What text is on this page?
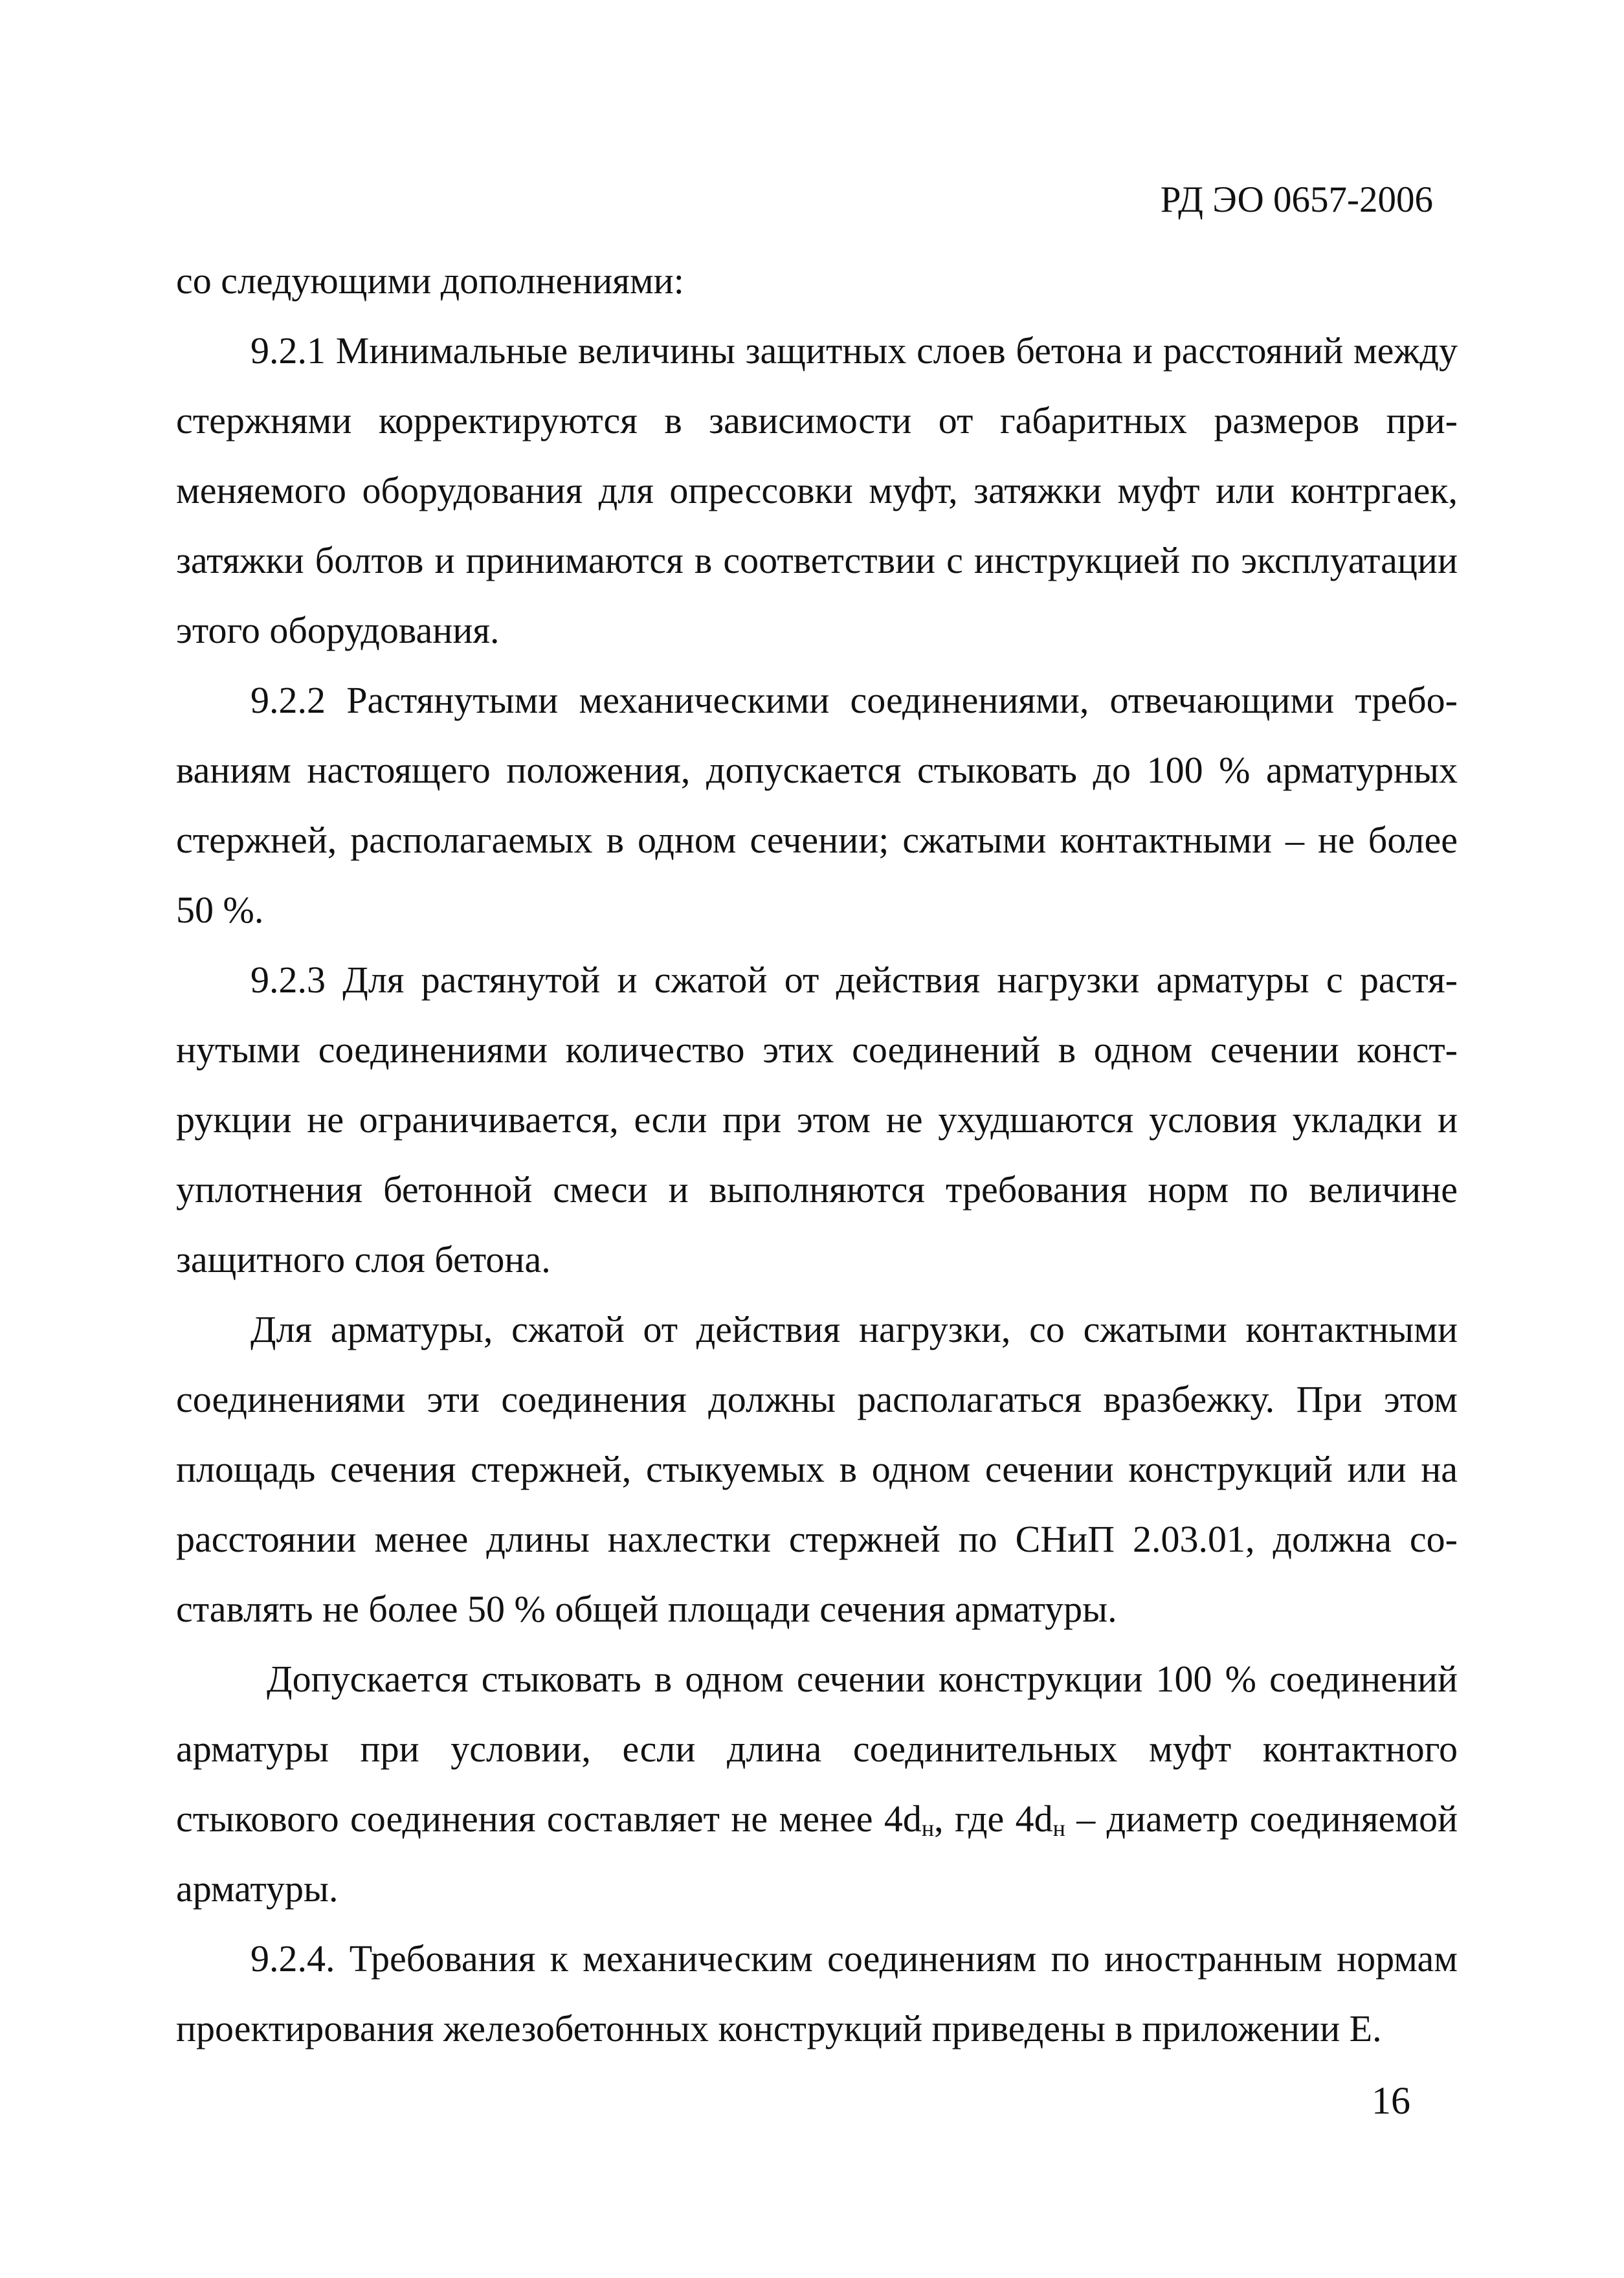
РД ЭО 0657-2006

со следующими дополнениями:

9.2.1 Минимальные величины защитных слоев бетона и расстояний между стержнями корректируются в зависимости от габаритных размеров применяемого оборудования для опрессовки муфт, затяжки муфт или контргаек, затяжки болтов и принимаются в соответствии с инструкцией по эксплуатации этого оборудования.

9.2.2 Растянутыми механическими соединениями, отвечающими требованиям настоящего положения, допускается стыковать до 100 % арматурных стержней, располагаемых в одном сечении; сжатыми контактными – не более 50 %.

9.2.3 Для растянутой и сжатой от действия нагрузки арматуры с растянутыми соединениями количество этих соединений в одном сечении конструкции не ограничивается, если при этом не ухудшаются условия укладки и уплотнения бетонной смеси и выполняются требования норм по величине защитного слоя бетона.

Для арматуры, сжатой от действия нагрузки, со сжатыми контактными соединениями эти соединения должны располагаться вразбежку. При этом площадь сечения стержней, стыкуемых в одном сечении конструкций или на расстоянии менее длины нахлестки стержней по СНиП 2.03.01, должна составлять не более 50 % общей площади сечения арматуры.

Допускается стыковать в одном сечении конструкции 100 % соединений арматуры при условии, если длина соединительных муфт контактного стыкового соединения составляет не менее $4d_н$, где $4d_н$ – диаметр соединяемой арматуры.

9.2.4. Требования к механическим соединениям по иностранным нормам проектирования железобетонных конструкций приведены в приложении Е.

16
